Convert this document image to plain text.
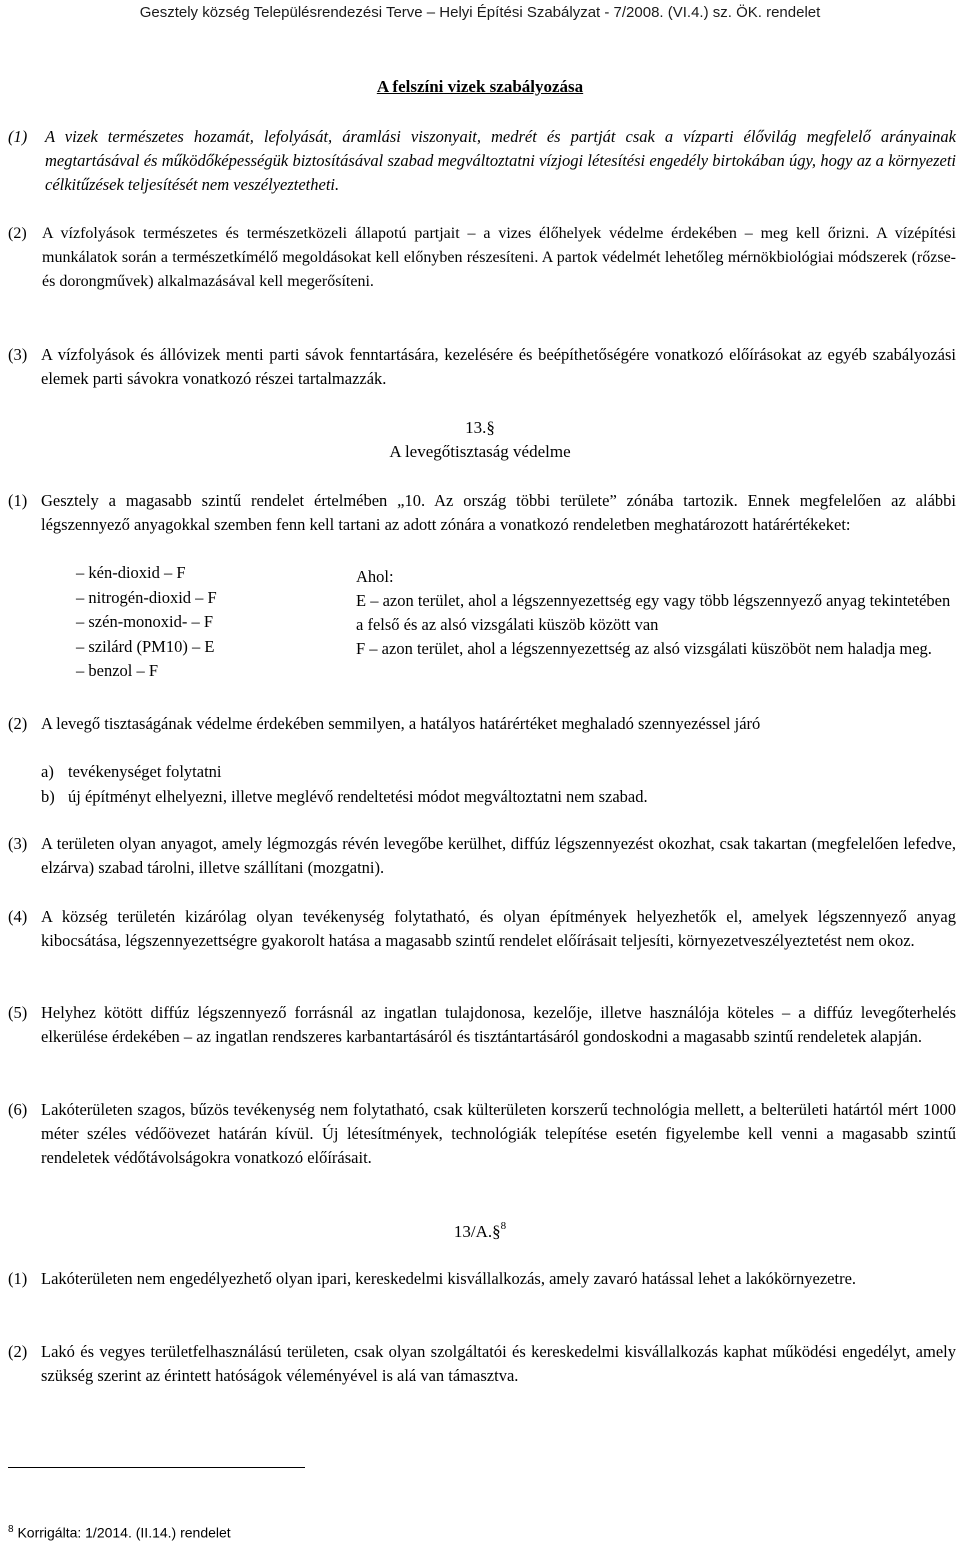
Gesztely község Településrendezési Terve – Helyi Építési Szabályzat - 7/2008. (VI.4.) sz. ÖK. rendelet
A felszíni vizek szabályozása
(1) A vizek természetes hozamát, lefolyását, áramlási viszonyait, medrét és partját csak a vízparti élővilág megfelelő arányainak megtartásával és működőképességük biztosításával szabad megváltoztatni vízjogi létesítési engedély birtokában úgy, hogy az a környezeti célkitűzések teljesítését nem veszélyeztetheti.
(2) A vízfolyások természetes és természetközeli állapotú partjait – a vizes élőhelyek védelme érdekében – meg kell őrizni. A vízépítési munkálatok során a természetkímélő megoldásokat kell előnyben részesíteni. A partok védelmét lehetőleg mérnökbiológiai módszerek (rőzse- és dorongművek) alkalmazásával kell megerősíteni.
(3) A vízfolyások és állóvizek menti parti sávok fenntartására, kezelésére és beépíthetőségére vonatkozó előírásokat az egyéb szabályozási elemek parti sávokra vonatkozó részei tartalmazzák.
13.§
A levegőtisztaság védelme
(1) Gesztely a magasabb szintű rendelet értelmében „10. Az ország többi területe” zónába tartozik. Ennek megfelelően az alábbi légszennyező anyagokkal szemben fenn kell tartani az adott zónára a vonatkozó rendeletben meghatározott határértékeket:
– kén-dioxid – F
– nitrogén-dioxid – F
– szén-monoxid- – F
– szilárd (PM10) – E
– benzol – F
Ahol:
E – azon terület, ahol a légszennyezettség egy vagy több légszennyező anyag tekintetében a felső és az alsó vizsgálati küszöb között van
F – azon terület, ahol a légszennyezettség az alsó vizsgálati küszöböt nem haladja meg.
(2) A levegő tisztaságának védelme érdekében semmilyen, a hatályos határértéket meghaladó szennyezéssel járó
a) tevékenységet folytatni
b) új építményt elhelyezni, illetve meglévő rendeltetési módot megváltoztatni nem szabad.
(3) A területen olyan anyagot, amely légmozgás révén levegőbe kerülhet, diffúz légszennyezést okozhat, csak takartan (megfelelően lefedve, elzárva) szabad tárolni, illetve szállítani (mozgatni).
(4) A község területén kizárólag olyan tevékenység folytatható, és olyan építmények helyezhetők el, amelyek légszennyező anyag kibocsátása, légszennyezettségre gyakorolt hatása a magasabb szintű rendelet előírásait teljesíti, környezetveszélyeztetést nem okoz.
(5) Helyhez kötött diffúz légszennyező forrásnál az ingatlan tulajdonosa, kezelője, illetve használója köteles – a diffúz levegőterhelés elkerülése érdekében – az ingatlan rendszeres karbantartásáról és tisztántartásáról gondoskodni a magasabb szintű rendeletek alapján.
(6) Lakóterületen szagos, bűzös tevékenység nem folytatható, csak külterületen korszerű technológia mellett, a belterületi határtól mért 1000 méter széles védőövezet határán kívül. Új létesítmények, technológiák telepítése esetén figyelembe kell venni a magasabb szintű rendeletek védőtávolságokra vonatkozó előírásait.
13/A.§$^8$
(1) Lakóterületen nem engedélyezhető olyan ipari, kereskedelmi kisvállalkozás, amely zavaró hatással lehet a lakókörnyezetre.
(2) Lakó és vegyes területfelhasználású területen, csak olyan szolgáltatói és kereskedelmi kisvállalkozás kaphat működési engedélyt, amely szükség szerint az érintett hatóságok véleményével is alá van támasztva.
$^8$ Korrigálta: 1/2014. (II.14.) rendelet
